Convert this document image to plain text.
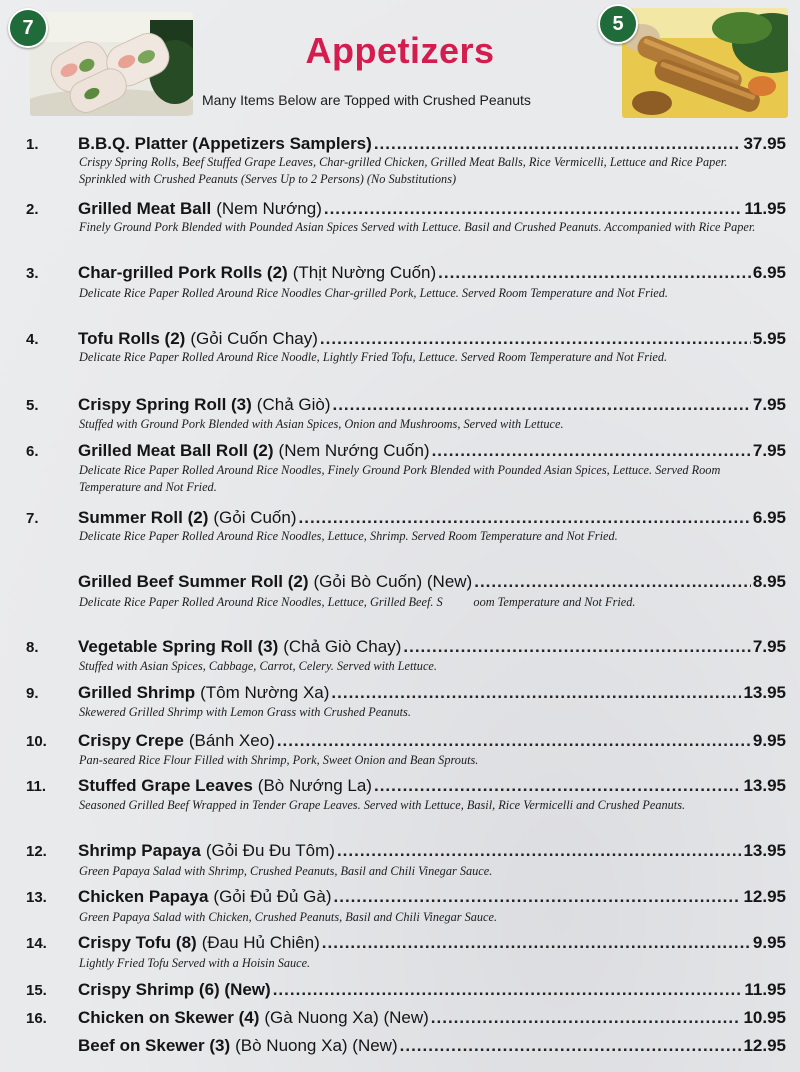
7	5
Appetizers
Many Items Below are Topped with Crushed Peanuts
1.	B.B.Q. Platter (Appetizers Samplers) .....	37.95
Crispy Spring Rolls, Beef Stuffed Grape Leaves, Char-grilled Chicken, Grilled Meat Balls, Rice Vermicelli, Lettuce and Rice Paper. Sprinkled with Crushed Peanuts (Serves Up to 2 Persons) (No Substitutions)
2.	Grilled Meat Ball (Nem Nướng) .....	11.95
Finely Ground Pork Blended with Pounded Asian Spices Served with Lettuce. Basil and Crushed Peanuts. Accompanied with Rice Paper.
3.	Char-grilled Pork Rolls (2) (Thịt Nường Cuốn) .....	6.95
Delicate Rice Paper Rolled Around Rice Noodles Char-grilled Pork, Lettuce. Served Room Temperature and Not Fried.
4.	Tofu Rolls (2) (Gỏi Cuốn Chay) .....	5.95
Delicate Rice Paper Rolled Around Rice Noodle, Lightly Fried Tofu, Lettuce. Served Room Temperature and Not Fried.
5.	Crispy Spring Roll (3) (Chả Giò) .....	7.95
Stuffed with Ground Pork Blended with Asian Spices, Onion and Mushrooms, Served with Lettuce.
6.	Grilled Meat Ball Roll (2) (Nem Nướng Cuốn) .....	7.95
Delicate Rice Paper Rolled Around Rice Noodles, Finely Ground Pork Blended with Pounded Asian Spices, Lettuce. Served Room Temperature and Not Fried.
7.	Summer Roll (2) (Gỏi Cuốn) .....	6.95
Delicate Rice Paper Rolled Around Rice Noodles, Lettuce, Shrimp. Served Room Temperature and Not Fried.
Grilled Beef Summer Roll (2) (Gỏi Bò Cuốn) (New) .....	8.95
Delicate Rice Paper Rolled Around Rice Noodles, Lettuce, Grilled Beef. S          oom Temperature and Not Fried.
8.	Vegetable Spring Roll (3) (Chả Giò Chay) .....	7.95
Stuffed with Asian Spices, Cabbage, Carrot, Celery. Served with Lettuce.
9.	Grilled Shrimp (Tôm Nường Xa) .....	13.95
Skewered Grilled Shrimp with Lemon Grass with Crushed Peanuts.
10.	Crispy Crepe (Bánh Xeo) .....	9.95
Pan-seared Rice Flour Filled with Shrimp, Pork, Sweet Onion and Bean Sprouts.
11.	Stuffed Grape Leaves (Bò Nướng La) .....	13.95
Seasoned Grilled Beef Wrapped in Tender Grape Leaves. Served with Lettuce, Basil, Rice Vermicelli and Crushed Peanuts.
12.	Shrimp Papaya (Gỏi Đu Đu Tôm) .....	13.95
Green Papaya Salad with Shrimp, Crushed Peanuts, Basil and Chili Vinegar Sauce.
13.	Chicken Papaya (Gỏi Đủ Đủ Gà) .....	12.95
Green Papaya Salad with Chicken, Crushed Peanuts, Basil and Chili Vinegar Sauce.
14.	Crispy Tofu (8) (Đau Hủ Chiên) .....	9.95
Lightly Fried Tofu Served with a Hoisin Sauce.
15.	Crispy Shrimp (6) (New) .....	11.95
16.	Chicken on Skewer (4) (Gà Nuong Xa) (New) .....	10.95
Beef on Skewer (3) (Bò Nuong Xa) (New) .....	12.95
